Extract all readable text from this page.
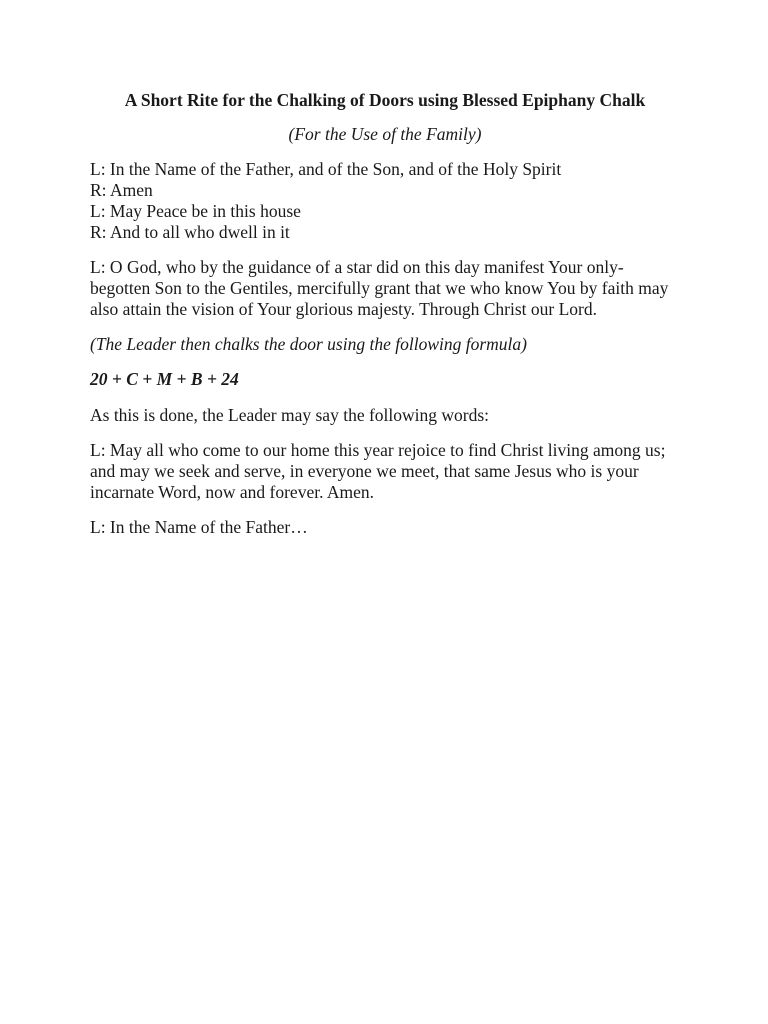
A Short Rite for the Chalking of Doors using Blessed Epiphany Chalk
(For the Use of the Family)

L: In the Name of the Father, and of the Son, and of the Holy Spirit
R: Amen
L: May Peace be in this house
R: And to all who dwell in it

L: O God, who by the guidance of a star did on this day manifest Your only-begotten Son to the Gentiles, mercifully grant that we who know You by faith may also attain the vision of Your glorious majesty. Through Christ our Lord.

(The Leader then chalks the door using the following formula)

20 + C + M + B + 24

As this is done, the Leader may say the following words:

L: May all who come to our home this year rejoice to find Christ living among us; and may we seek and serve, in everyone we meet, that same Jesus who is your incarnate Word, now and forever. Amen.

L: In the Name of the Father…
